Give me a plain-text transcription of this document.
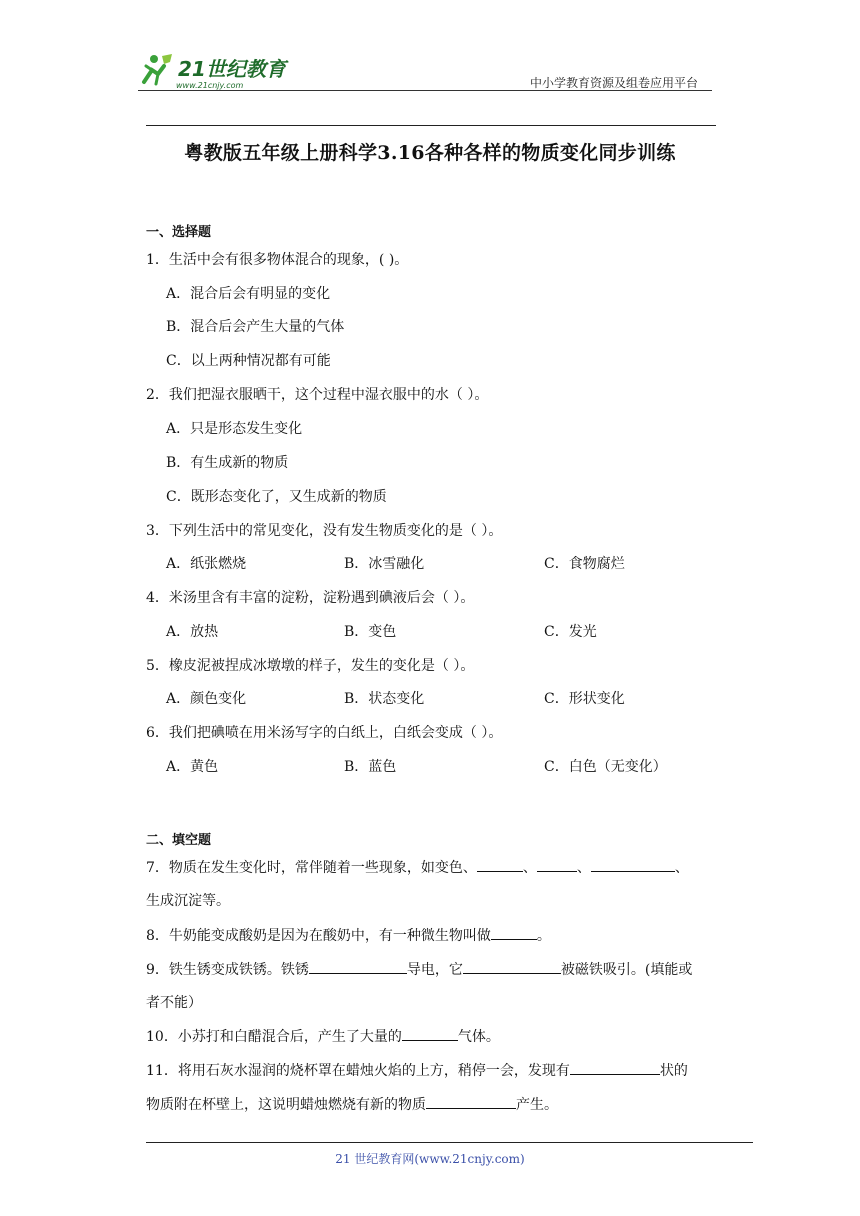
21世纪教育
www.21cnjy.com	中小学教育资源及组卷应用平台
粤教版五年级上册科学3.16各种各样的物质变化同步训练
一、选择题
1．生活中会有很多物体混合的现象，( )。
A．混合后会有明显的变化
B．混合后会产生大量的气体
C．以上两种情况都有可能
2．我们把湿衣服晒干，这个过程中湿衣服中的水（ ）。
A．只是形态发生变化
B．有生成新的物质
C．既形态变化了，又生成新的物质
3．下列生活中的常见变化，没有发生物质变化的是（ ）。
A．纸张燃烧	B．冰雪融化	C．食物腐烂
4．米汤里含有丰富的淀粉，淀粉遇到碘液后会（ ）。
A．放热	B．变色	C．发光
5．橡皮泥被捏成冰墩墩的样子，发生的变化是（ ）。
A．颜色变化	B．状态变化	C．形状变化
6．我们把碘喷在用米汤写字的白纸上，白纸会变成（ ）。
A．黄色	B．蓝色	C．白色（无变化）
二、填空题
7．物质在发生变化时，常伴随着一些现象，如变色、	、	、	、
生成沉淀等。
8．牛奶能变成酸奶是因为在酸奶中，有一种微生物叫做	。
9．铁生锈变成铁锈。铁锈	导电，它	被磁铁吸引。(填能或
者不能）
10．小苏打和白醋混合后，产生了大量的	气体。
11．将用石灰水湿润的烧杯罩在蜡烛火焰的上方，稍停一会，发现有	状的
物质附在杯壁上，这说明蜡烛燃烧有新的物质	产生。
21 世纪教育网(www.21cnjy.com)
